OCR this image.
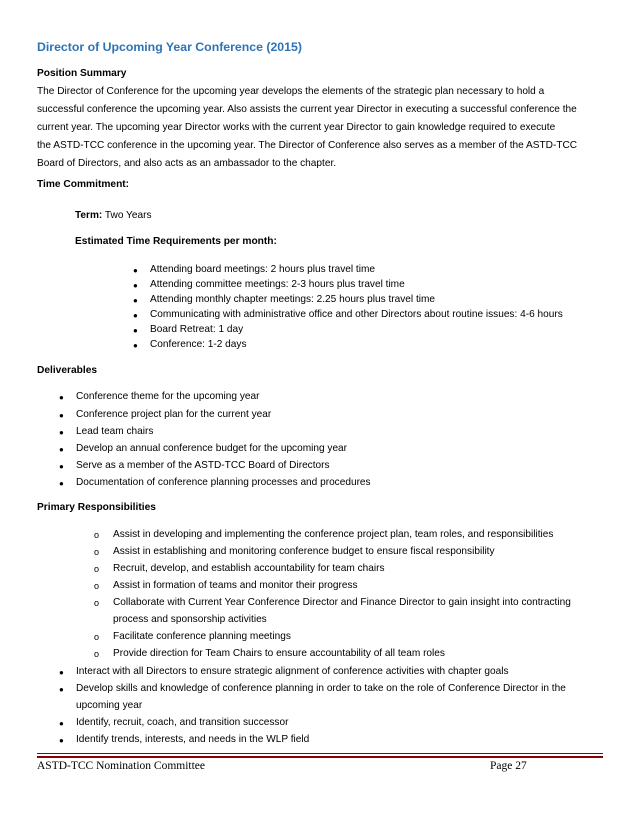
Director of Upcoming Year Conference (2015)
Position Summary
The Director of Conference for the upcoming year develops the elements of the strategic plan necessary to hold a
successful conference the upcoming year. Also assists the current year Director in executing a successful conference the
current year. The upcoming year Director works with the current year Director to gain knowledge required to execute
the ASTD-TCC conference in the upcoming year. The Director of Conference also serves as a member of the ASTD-TCC
Board of Directors, and also acts as an ambassador to the chapter.
Time Commitment:
Term: Two Years
Estimated Time Requirements per month:
● Attending board meetings: 2 hours plus travel time
● Attending committee meetings: 2-3 hours plus travel time
● Attending monthly chapter meetings: 2.25 hours plus travel time
● Communicating with administrative office and other Directors about routine issues: 4-6 hours
● Board Retreat: 1 day
● Conference: 1-2 days
Deliverables
● Conference theme for the upcoming year
● Conference project plan for the current year
● Lead team chairs
● Develop an annual conference budget for the upcoming year
● Serve as a member of the ASTD-TCC Board of Directors
● Documentation of conference planning processes and procedures
Primary Responsibilities
o Assist in developing and implementing the conference project plan, team roles, and responsibilities
o Assist in establishing and monitoring conference budget to ensure fiscal responsibility
o Recruit, develop, and establish accountability for team chairs
o Assist in formation of teams and monitor their progress
o Collaborate with Current Year Conference Director and Finance Director to gain insight into contracting
process and sponsorship activities
o Facilitate conference planning meetings
o Provide direction for Team Chairs to ensure accountability of all team roles
● Interact with all Directors to ensure strategic alignment of conference activities with chapter goals
● Develop skills and knowledge of conference planning in order to take on the role of Conference Director in the
upcoming year
● Identify, recruit, coach, and transition successor
● Identify trends, interests, and needs in the WLP field
ASTD-TCC Nomination Committee	Page 27
